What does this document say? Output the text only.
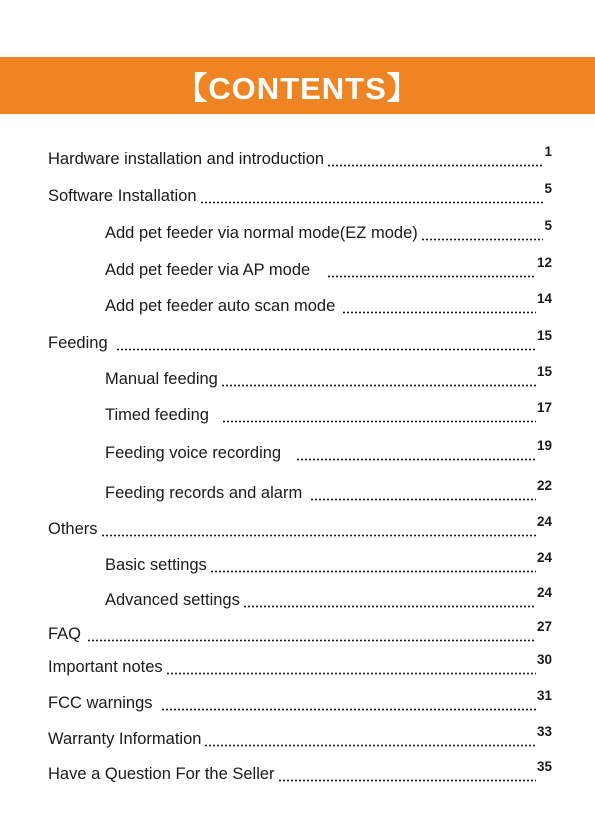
【CONTENTS】
Hardware installation and introduction	1
Software Installation	5
Add pet feeder via normal mode(EZ mode)	5
Add pet feeder via AP mode	12
Add pet feeder auto scan mode	14
Feeding	15
Manual feeding	15
Timed feeding	17
Feeding voice recording	19
Feeding records and alarm	22
Others	24
Basic settings	24
Advanced settings	24
FAQ	27
Important notes	30
FCC warnings	31
Warranty Information	33
Have a Question For the Seller	35
